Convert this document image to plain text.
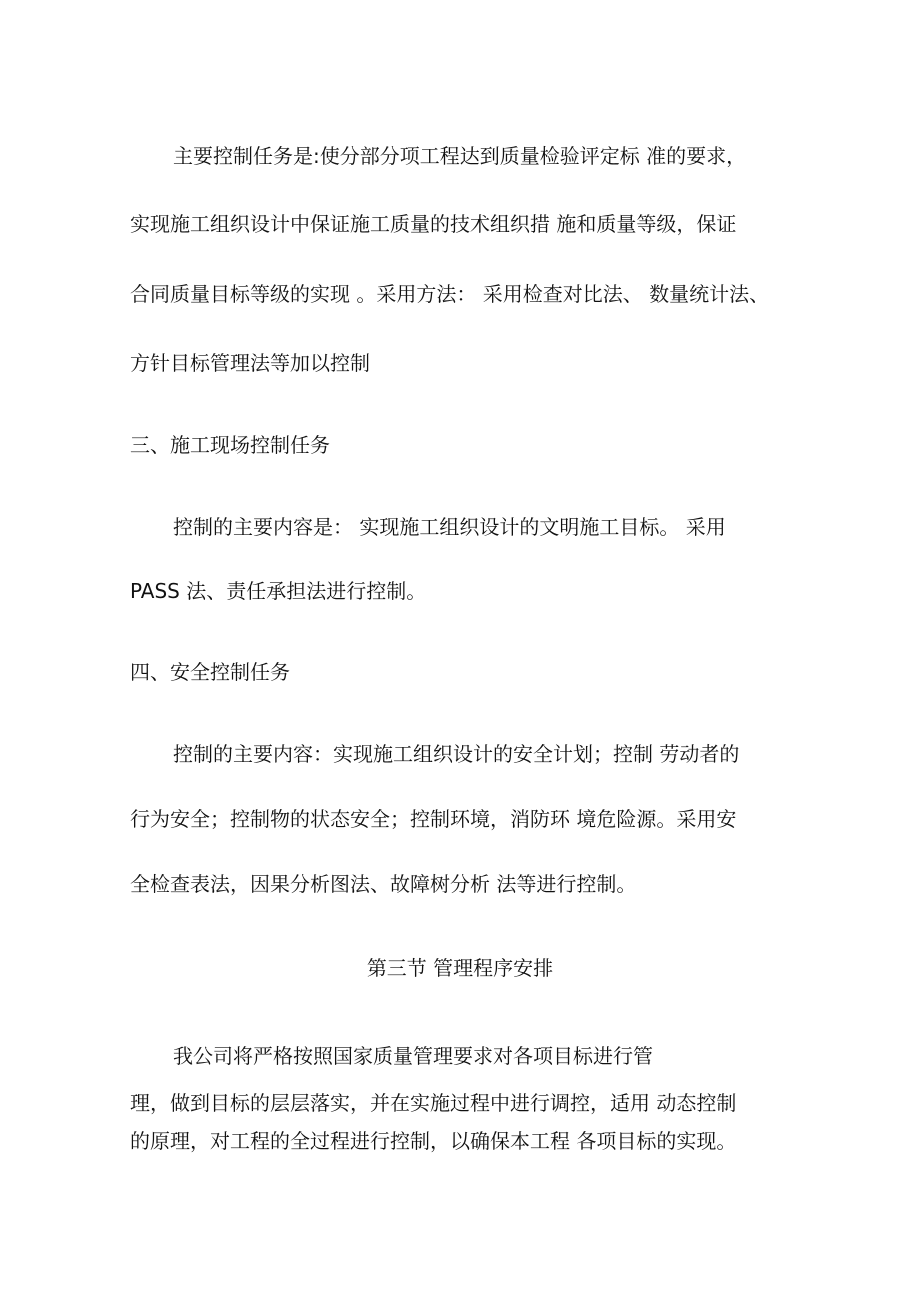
主要控制任务是:使分部分项工程达到质量检验评定标 准的要求，

实现施工组织设计中保证施工质量的技术组织措 施和质量等级，保证

合同质量目标等级的实现 。采用方法： 采用检查对比法、 数量统计法、

方针目标管理法等加以控制

三、施工现场控制任务

控制的主要内容是： 实现施工组织设计的文明施工目标。 采用

PASS 法、责任承担法进行控制。

四、安全控制任务

控制的主要内容：实现施工组织设计的安全计划；控制 劳动者的

行为安全；控制物的状态安全；控制环境，消防环 境危险源。采用安

全检查表法，因果分析图法、故障树分析 法等进行控制。

第三节 管理程序安排

我公司将严格按照国家质量管理要求对各项目标进行管

理，做到目标的层层落实，并在实施过程中进行调控，适用 动态控制

的原理，对工程的全过程进行控制，以确保本工程 各项目标的实现。
